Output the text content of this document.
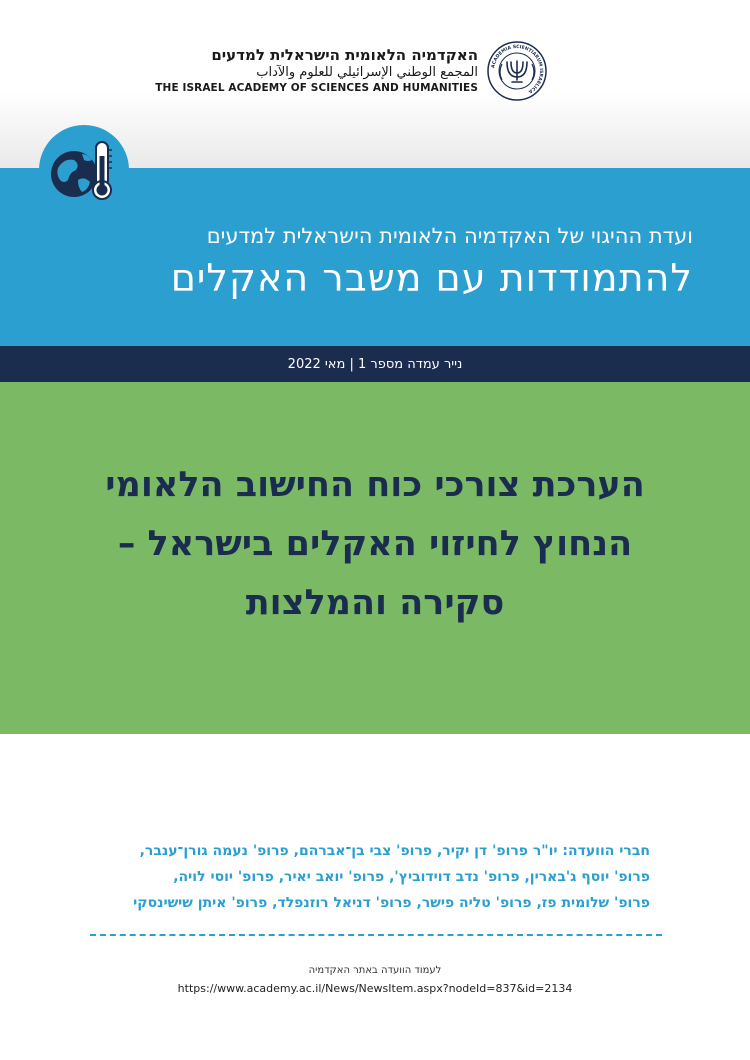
האקדמיה הלאומית הישראלית למדעים
المجمع الوطني الإسرائيلي للعلوم والآداب
THE ISRAEL ACADEMY OF SCIENCES AND HUMANITIES
ACADEMIA SCIENTIARUM ISRAELICA
ועדת ההיגוי של האקדמיה הלאומית הישראלית למדעים
להתמודדות עם משבר האקלים
נייר עמדה מספר 1 | מאי 2022
הערכת צורכי כוח החישוב הלאומי
הנחוץ לחיזוי האקלים בישראל –
סקירה והמלצות
חברי הוועדה: יו"ר פרופ' דן יקיר, פרופ' צבי בן־אברהם, פרופ' נעמה גורן־ענבר,
פרופ' יוסף ג'בארין, פרופ' נדב דוידוביץ', פרופ' יואב יאיר, פרופ' יוסי לויה,
פרופ' שלומית פז, פרופ' טליה פישר, פרופ' דניאל רוזנפלד, פרופ' איתן שישינסקי
לעמוד הוועדה באתר האקדמיה
https://www.academy.ac.il/News/NewsItem.aspx?nodeId=837&id=2134
